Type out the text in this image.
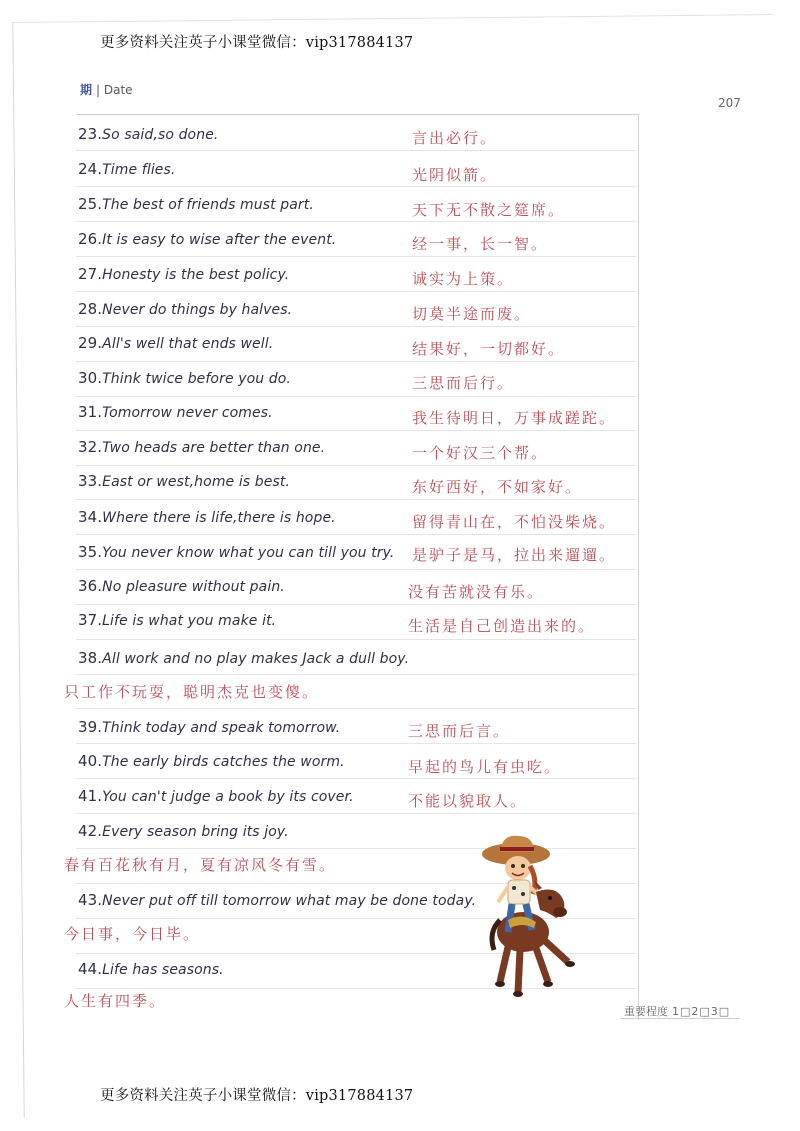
更多资料关注英子小课堂微信：vip317884137
期 | Date
207
23.So said,so done.	言出必行。
24.Time flies.	光阴似箭。
25.The best of friends must part.	天下无不散之筵席。
26.It is easy to wise after the event.	经一事，长一智。
27.Honesty is the best policy.	诚实为上策。
28.Never do things by halves.	切莫半途而废。
29.All's well that ends well.	结果好，一切都好。
30.Think twice before you do.	三思而后行。
31.Tomorrow never comes.	我生待明日，万事成蹉跎。
32.Two heads are better than one.	一个好汉三个帮。
33.East or west,home is best.	东好西好，不如家好。
34.Where there is life,there is hope.	留得青山在，不怕没柴烧。
35.You never know what you can till you try. 是驴子是马，拉出来遛遛。
36.No pleasure without pain.	没有苦就没有乐。
37.Life is what you make it.	生活是自己创造出来的。
38.All work and no play makes Jack a dull boy.
只工作不玩耍，聪明杰克也变傻。
39.Think today and speak tomorrow.	三思而后言。
40.The early birds catches the worm.	早起的鸟儿有虫吃。
41.You can't judge a book by its cover.	不能以貌取人。
42.Every season bring its joy.
春有百花秋有月，夏有凉风冬有雪。
43.Never put off till tomorrow what may be done today.
今日事，今日毕。
44.Life has seasons.
人生有四季。
重要程度 1□2□3□
更多资料关注英子小课堂微信：vip317884137
